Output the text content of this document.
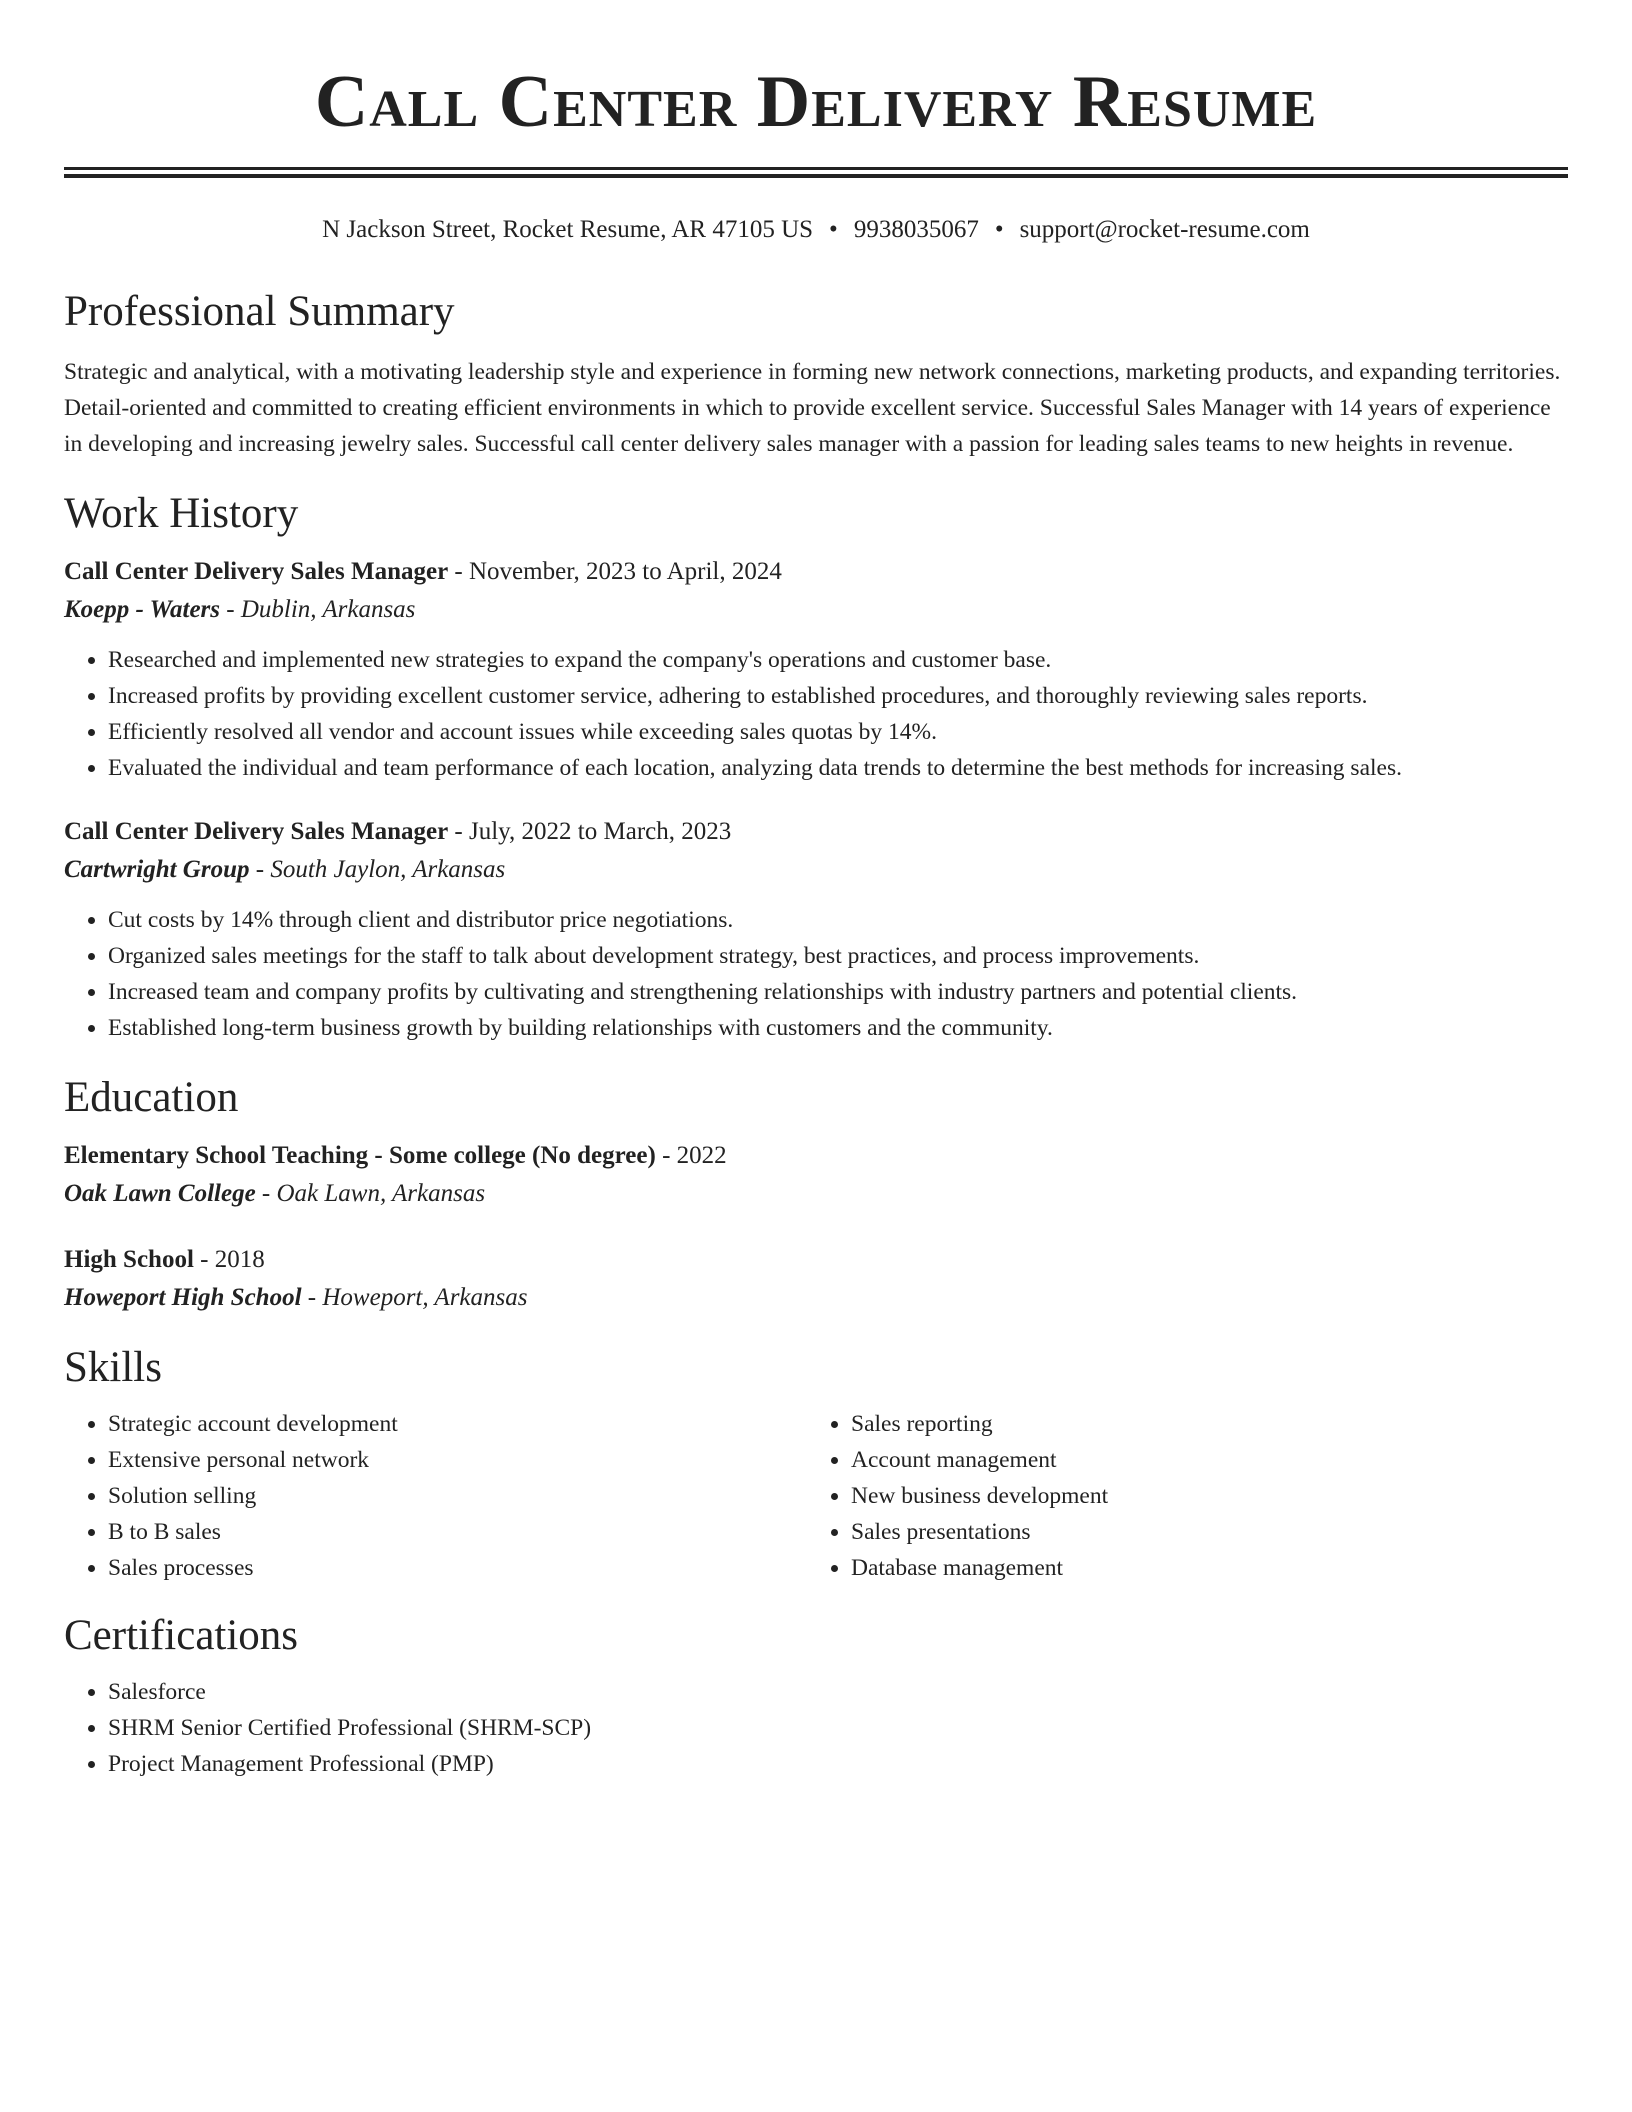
Call Center Delivery Resume
N Jackson Street, Rocket Resume, AR 47105 US • 9938035067 • support@rocket-resume.com
Professional Summary

Strategic and analytical, with a motivating leadership style and experience in forming new network connections, marketing products, and expanding territories. Detail-oriented and committed to creating efficient environments in which to provide excellent service. Successful Sales Manager with 14 years of experience in developing and increasing jewelry sales. Successful call center delivery sales manager with a passion for leading sales teams to new heights in revenue.

Work History
Call Center Delivery Sales Manager - November, 2023 to April, 2024
Koepp - Waters - Dublin, Arkansas
• Researched and implemented new strategies to expand the company's operations and customer base.
• Increased profits by providing excellent customer service, adhering to established procedures, and thoroughly reviewing sales reports.
• Efficiently resolved all vendor and account issues while exceeding sales quotas by 14%.
• Evaluated the individual and team performance of each location, analyzing data trends to determine the best methods for increasing sales.
Call Center Delivery Sales Manager - July, 2022 to March, 2023
Cartwright Group - South Jaylon, Arkansas
• Cut costs by 14% through client and distributor price negotiations.
• Organized sales meetings for the staff to talk about development strategy, best practices, and process improvements.
• Increased team and company profits by cultivating and strengthening relationships with industry partners and potential clients.
• Established long-term business growth by building relationships with customers and the community.
Education
Elementary School Teaching - Some college (No degree) - 2022
Oak Lawn College - Oak Lawn, Arkansas
High School - 2018
Howeport High School - Howeport, Arkansas
Skills
• Strategic account development
• Extensive personal network
• Solution selling
• B to B sales
• Sales processes
• Sales reporting
• Account management
• New business development
• Sales presentations
• Database management
Certifications
• Salesforce
• SHRM Senior Certified Professional (SHRM-SCP)
• Project Management Professional (PMP)
